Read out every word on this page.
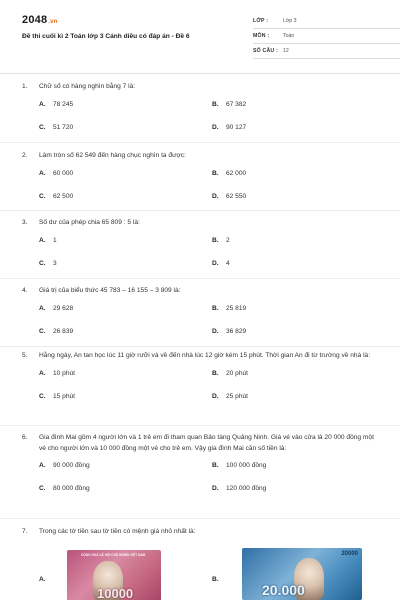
2048.vn
Đề thi cuối kì 2 Toán lớp 3 Cánh diều có đáp án - Đề 6
LỚP :	Lớp 3
MÔN :	Toán
SỐ CÂU : 12
1.	Chữ số có hàng nghìn bằng 7 là:
A. 78 245	B. 67 382
C. 51 720	D. 90 127
2.	Làm tròn số 62 549 đến hàng chục nghìn ta được:
A. 60 000	B. 62 000
C. 62 500	D. 62 550
3.	Số dư của phép chia 65 809 : 5 là:
A. 1	B. 2
C. 3	D. 4
4.	Giá trị của biểu thức 45 783 – 16 155 – 3 809 là:
A. 29 628	B. 25 819
C. 26 839	D. 36 829
5.	Hằng ngày, An tan học lúc 11 giờ rưỡi và về đến nhà lúc 12 giờ kém 15 phút. Thời gian An đi từ trường về nhà là:
A. 10 phút	B. 20 phút
C. 15 phút	D. 25 phút
6.	Gia đình Mai gồm 4 người lớn và 1 trẻ em đi tham quan Bảo tàng Quảng Ninh. Giá vé vào cửa là 20 000 đồng một vé cho người lớn và 10 000 đồng một vé cho trẻ em. Vậy gia đình Mai cần số tiền là:
A. 90 000 đồng	B. 100 000 đồng
C. 80 000 đồng	D. 120 000 đồng
7.	Trong các tờ tiền sau tờ tiền có mệnh giá nhỏ nhất là:
A.	B.
CỘNG HOÀ XÃ HỘI CHỦ NGHĨA VIỆT NAM
10000
20000
20.000
